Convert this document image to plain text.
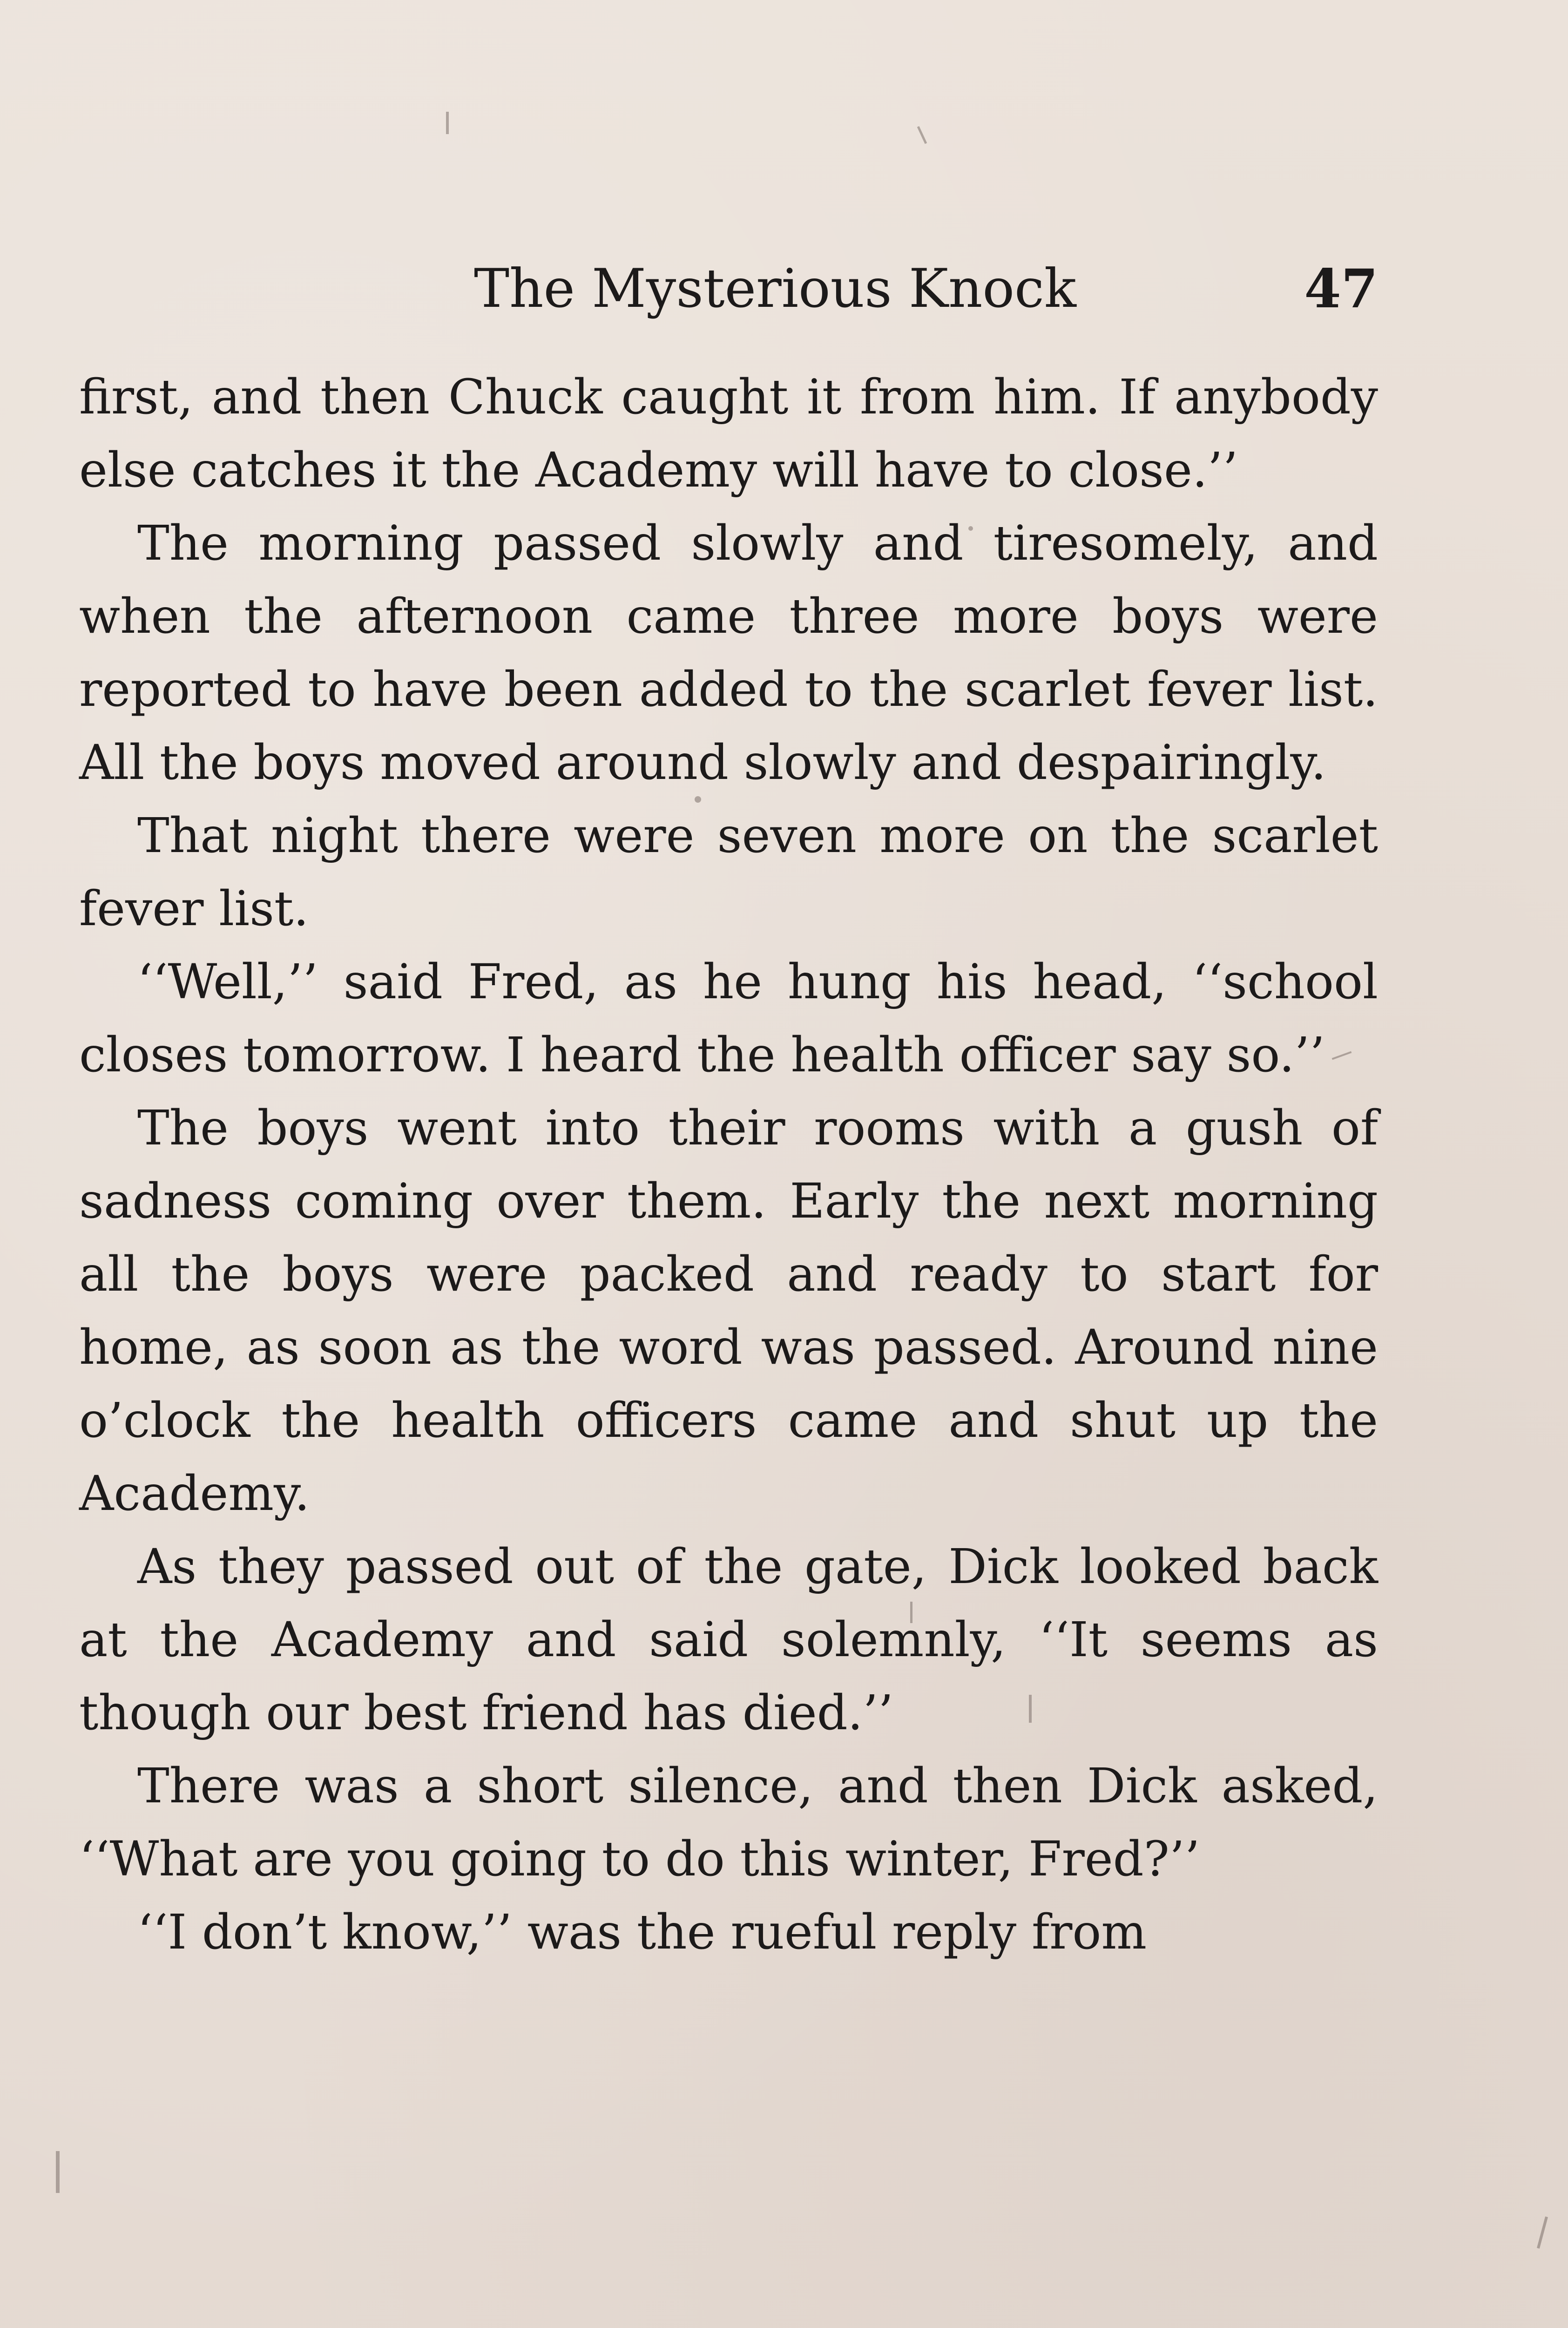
The Mysterious Knock	47

first, and then Chuck caught it from him. If anybody else catches it the Academy will have to close.’’

The morning passed slowly and tiresomely, and when the afternoon came three more boys were reported to have been added to the scarlet fever list. All the boys moved around slowly and despairingly.

That night there were seven more on the scarlet fever list.

‘‘Well,’’ said Fred, as he hung his head, ‘‘school closes tomorrow. I heard the health officer say so.’’

The boys went into their rooms with a gush of sadness coming over them. Early the next morning all the boys were packed and ready to start for home, as soon as the word was passed. Around nine o’clock the health officers came and shut up the Academy.

As they passed out of the gate, Dick looked back at the Academy and said solemnly, ‘‘It seems as though our best friend has died.’’

There was a short silence, and then Dick asked, ‘‘What are you going to do this winter, Fred?’’

‘‘I don’t know,’’ was the rueful reply from
